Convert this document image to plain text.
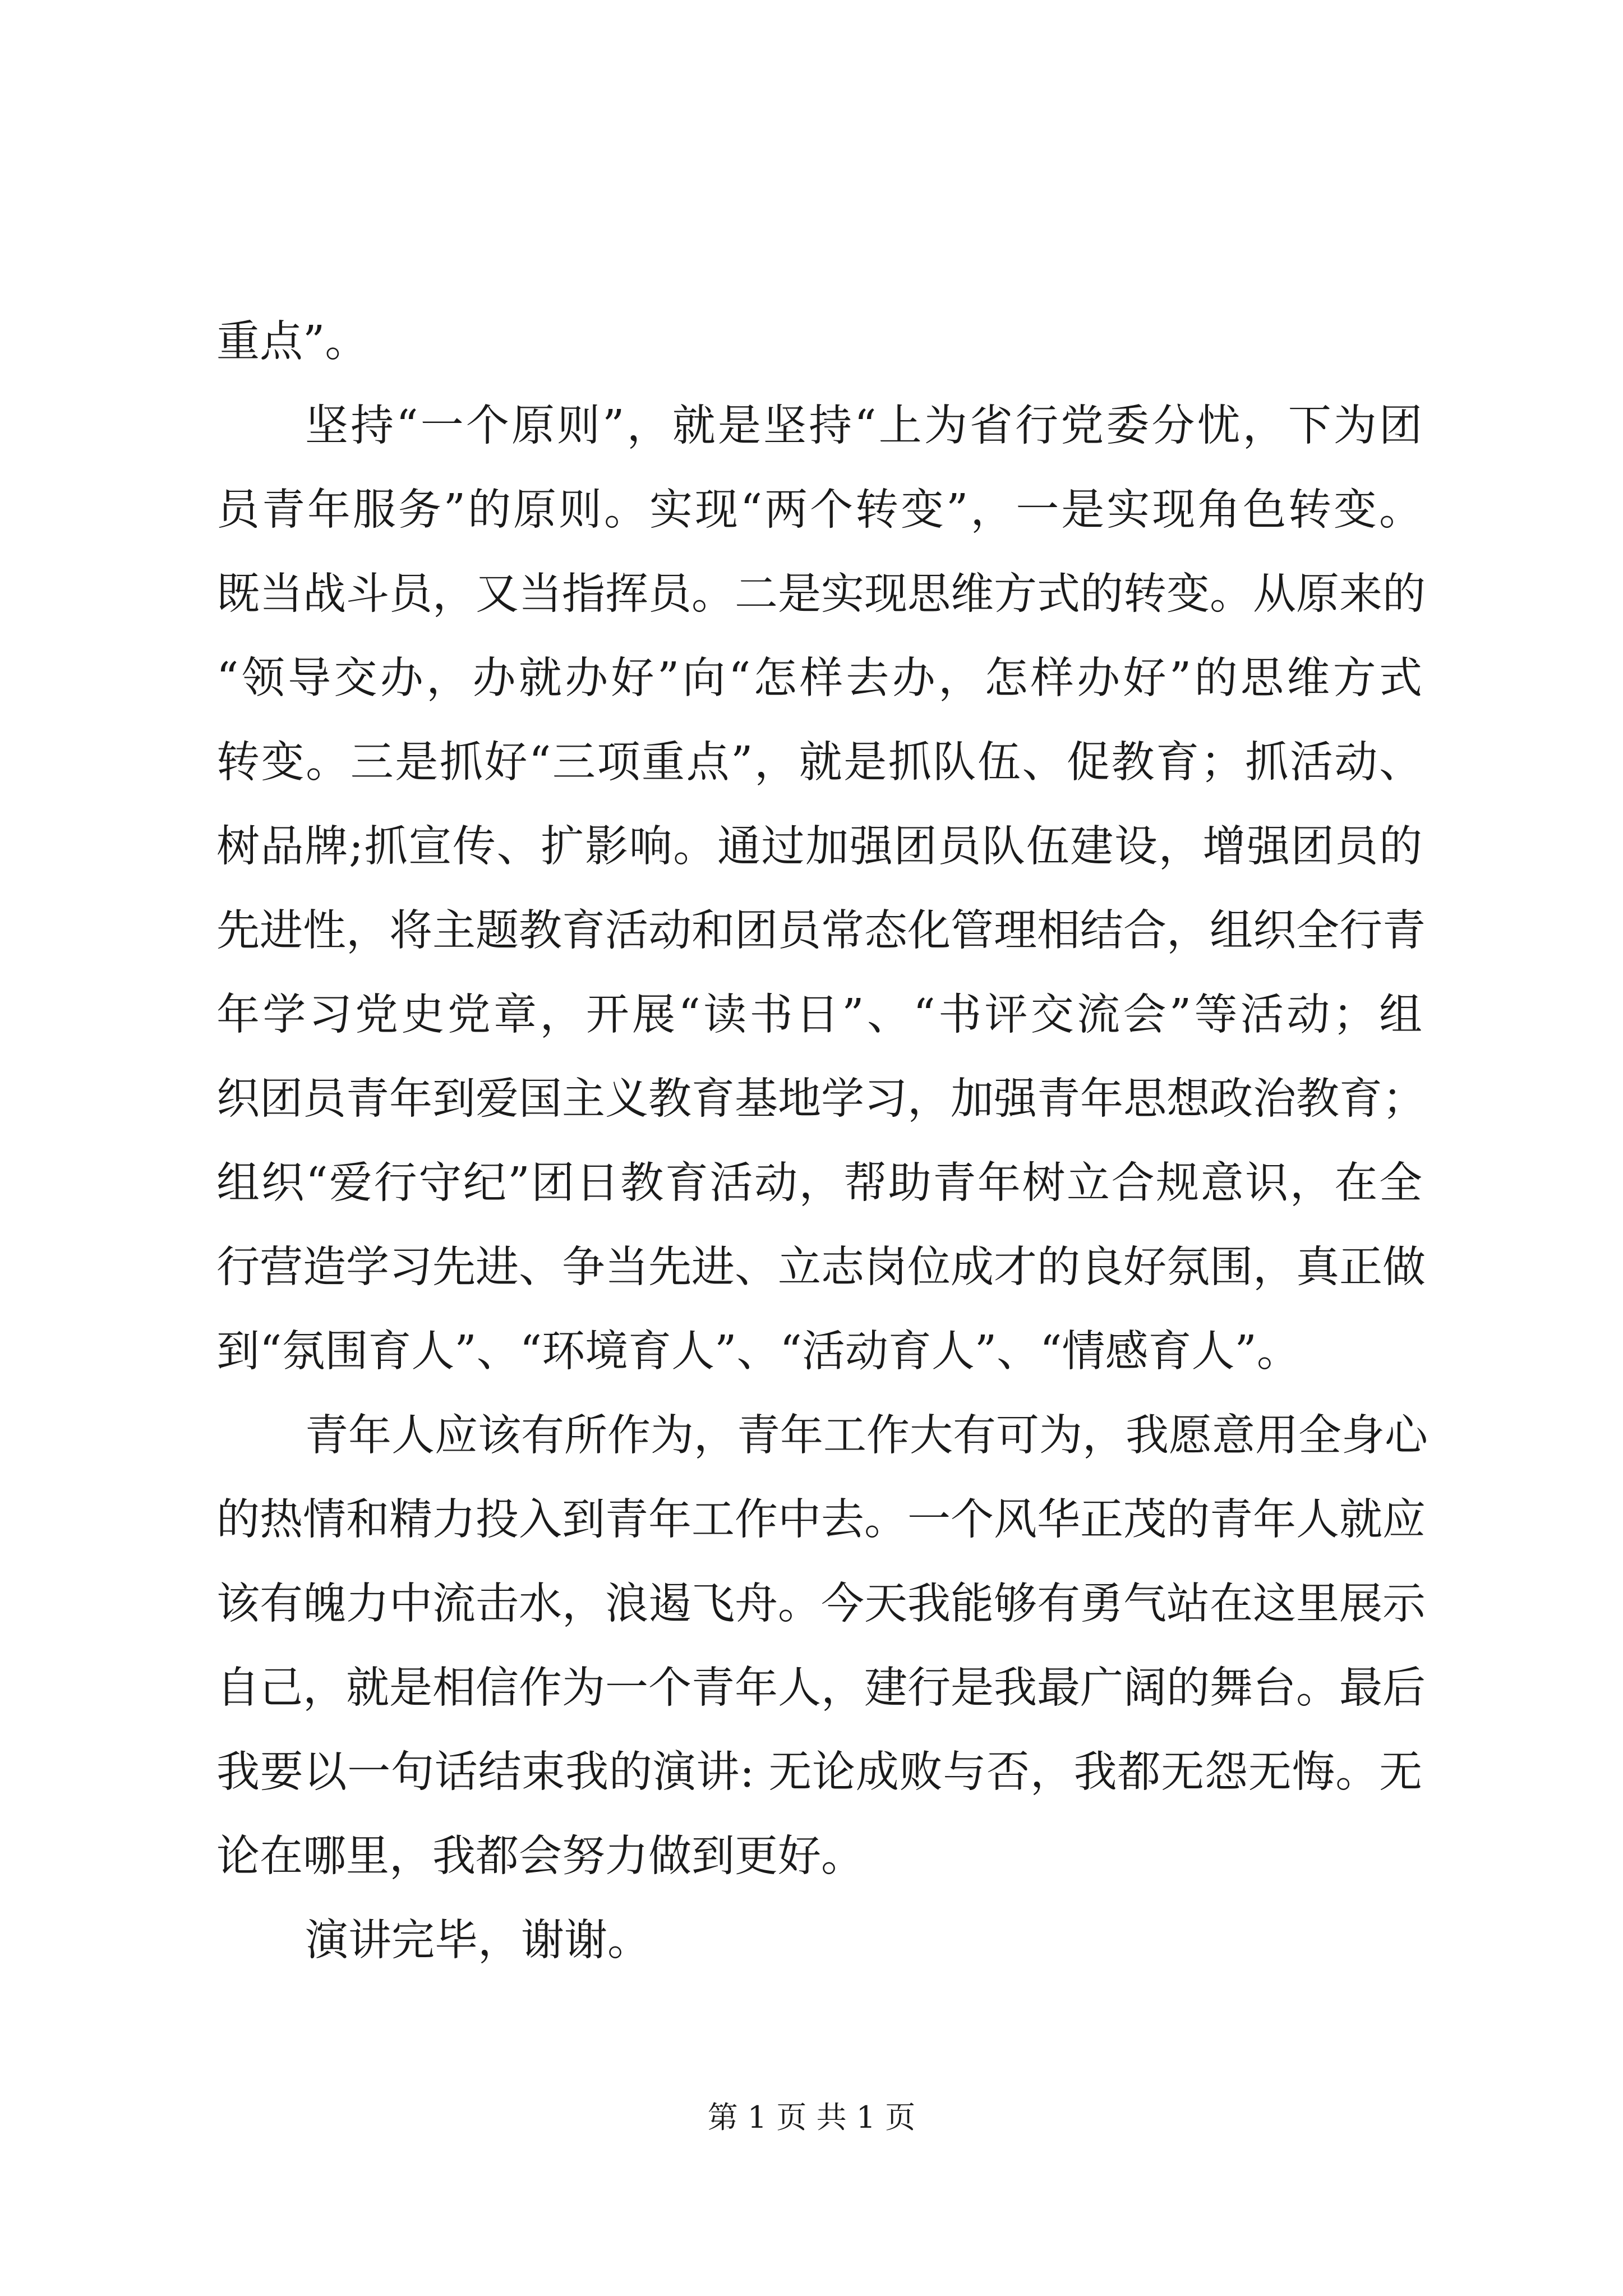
重点”。
坚持“一个原则”，就是坚持“上为省行党委分忧，下为团
员青年服务”的原则。实现“两个转变”，一是实现角色转变。
既当战斗员，又当指挥员。二是实现思维方式的转变。从原来的
“领导交办，办就办好”向“怎样去办，怎样办好”的思维方式
转变。三是抓好“三项重点”，就是抓队伍、促教育；抓活动、
树品牌;抓宣传、扩影响。通过加强团员队伍建设，增强团员的
先进性，将主题教育活动和团员常态化管理相结合，组织全行青
年学习党史党章，开展“读书日”、“书评交流会”等活动；组
织团员青年到爱国主义教育基地学习，加强青年思想政治教育；
组织“爱行守纪”团日教育活动，帮助青年树立合规意识，在全
行营造学习先进、争当先进、立志岗位成才的良好氛围，真正做
到“氛围育人”、“环境育人”、“活动育人”、“情感育人”。
青年人应该有所作为，青年工作大有可为，我愿意用全身心
的热情和精力投入到青年工作中去。一个风华正茂的青年人就应
该有魄力中流击水，浪遏飞舟。今天我能够有勇气站在这里展示
自己，就是相信作为一个青年人，建行是我最广阔的舞台。最后
我要以一句话结束我的演讲: 无论成败与否，我都无怨无悔。无
论在哪里，我都会努力做到更好。
演讲完毕，谢谢。
第 1 页 共 1 页
